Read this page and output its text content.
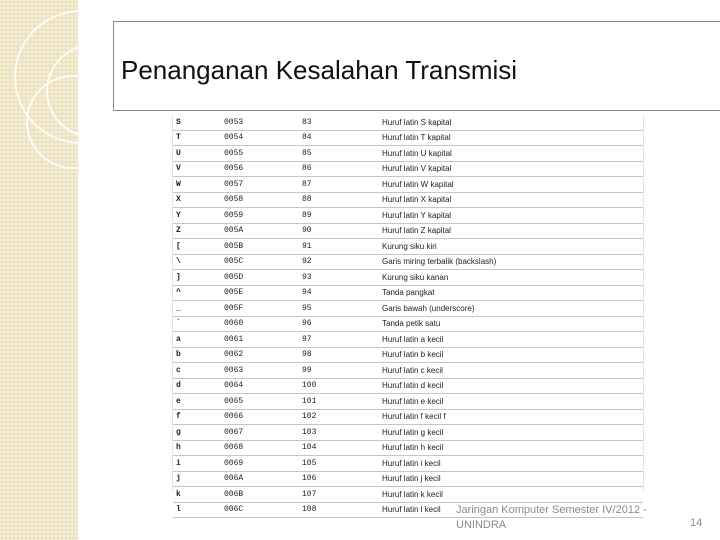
Penanganan Kesalahan Transmisi
S	0053	83	Huruf latin S kapital
T	0054	84	Huruf latin T kapital
U	0055	85	Huruf latin U kapital
V	0056	86	Huruf latin V kapital
W	0057	87	Huruf latin W kapital
X	0058	88	Huruf latin X kapital
Y	0059	89	Huruf latin Y kapital
Z	005A	90	Huruf latin Z kapital
[	005B	91	Kurung siku kiri
\	005C	92	Garis miring terbalik (backslash)
]	005D	93	Kurung siku kanan
^	005E	94	Tanda pangkat
_	005F	95	Garis bawah (underscore)
`	0060	96	Tanda petik satu
a	0061	97	Huruf latin a kecil
b	0062	98	Huruf latin b kecil
c	0063	99	Huruf latin c kecil
d	0064	100	Huruf latin d kecil
e	0065	101	Huruf latin e kecil
f	0066	102	Huruf latin f kecil f
g	0067	103	Huruf latin g kecil
h	0068	104	Huruf latin h kecil
i	0069	105	Huruf latin i kecil
j	006A	106	Huruf latin j kecil
k	006B	107	Huruf latin k kecil
l	006C	108	Huruf latin l kecil Jaringan Komputer Semester IV/2012 -
UNINDRA	14
